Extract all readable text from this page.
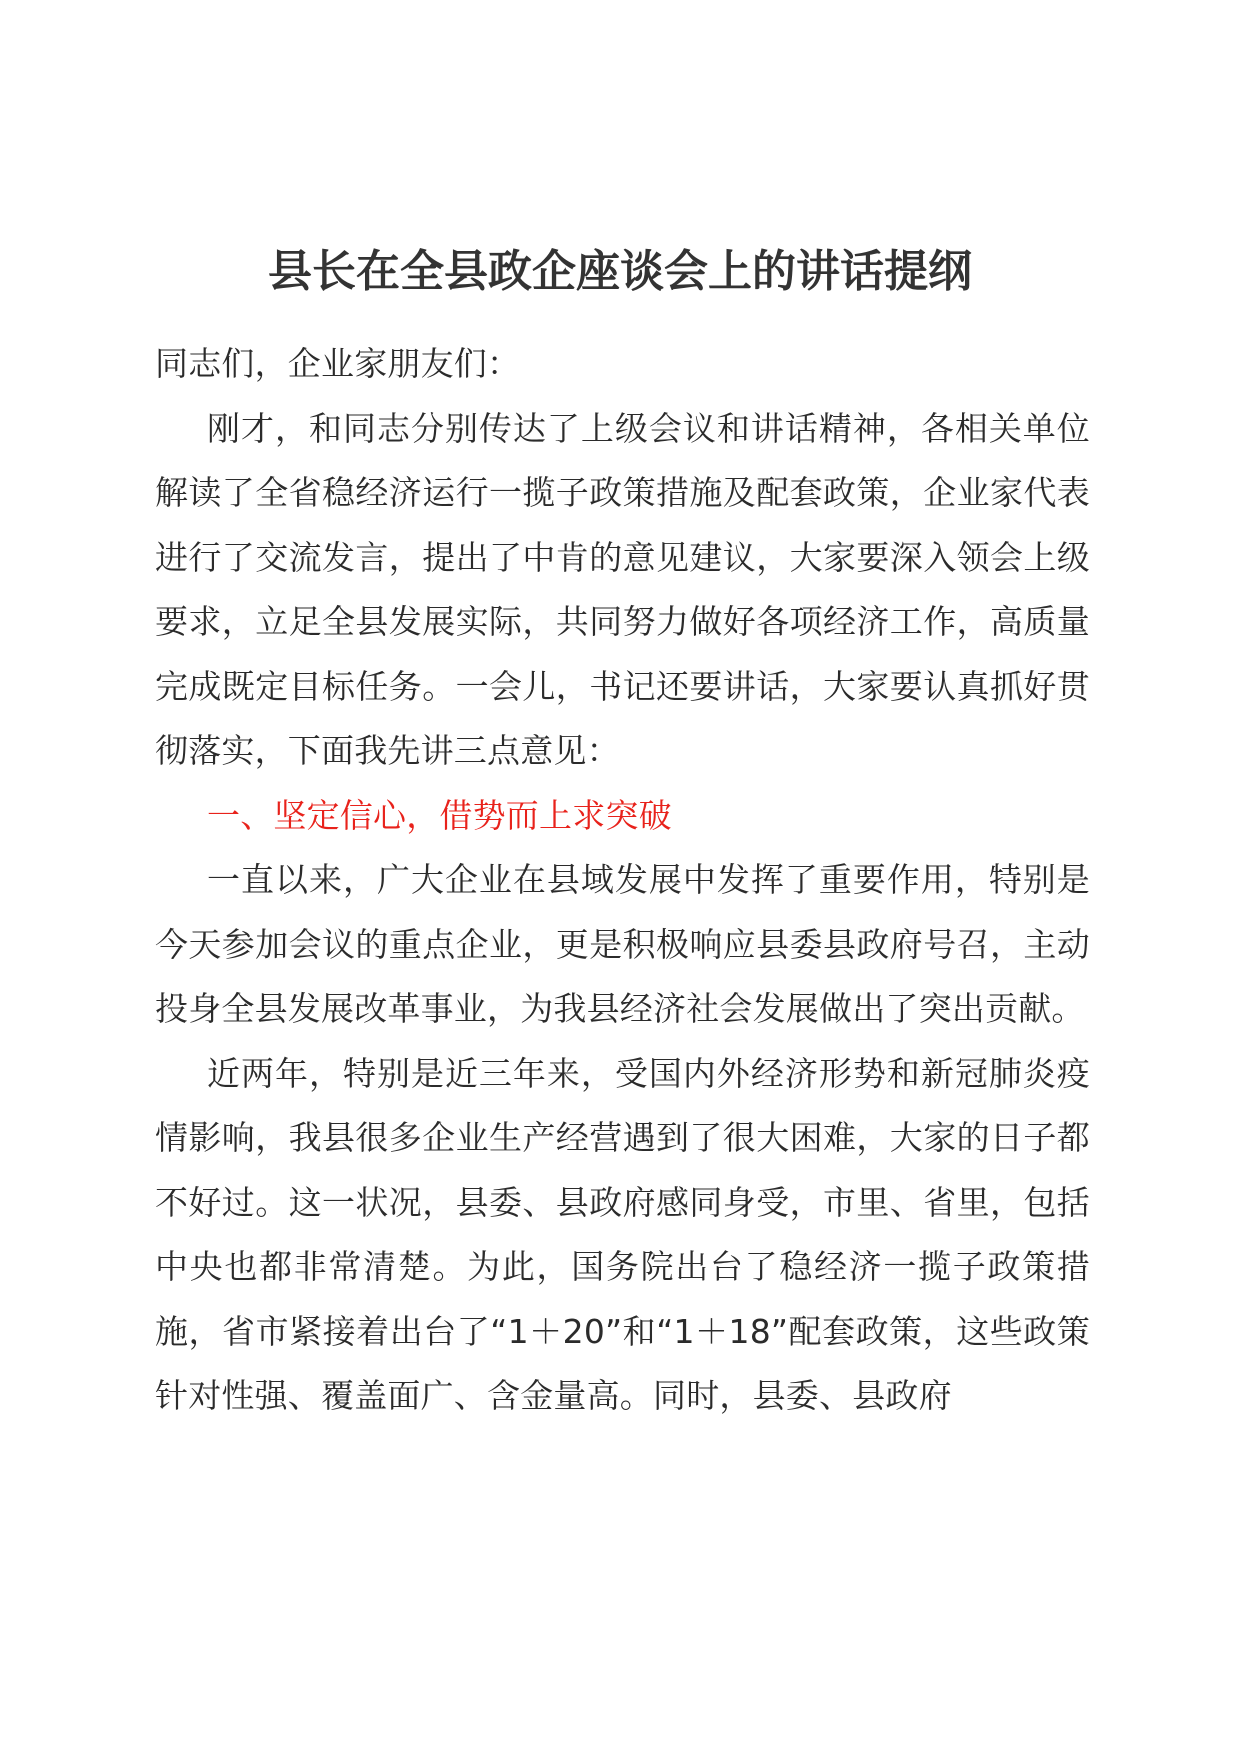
县长在全县政企座谈会上的讲话提纲

同志们，企业家朋友们：

刚才，和同志分别传达了上级会议和讲话精神，各相关单位解读了全省稳经济运行一揽子政策措施及配套政策，企业家代表进行了交流发言，提出了中肯的意见建议，大家要深入领会上级要求，立足全县发展实际，共同努力做好各项经济工作，高质量完成既定目标任务。一会儿，书记还要讲话，大家要认真抓好贯彻落实，下面我先讲三点意见：

一、坚定信心，借势而上求突破

一直以来，广大企业在县域发展中发挥了重要作用，特别是今天参加会议的重点企业，更是积极响应县委县政府号召，主动投身全县发展改革事业，为我县经济社会发展做出了突出贡献。

近两年，特别是近三年来，受国内外经济形势和新冠肺炎疫情影响，我县很多企业生产经营遇到了很大困难，大家的日子都不好过。这一状况，县委、县政府感同身受，市里、省里，包括中央也都非常清楚。为此，国务院出台了稳经济一揽子政策措施，省市紧接着出台了“1＋20”和“1＋18”配套政策，这些政策针对性强、覆盖面广、含金量高。同时，县委、县政府
